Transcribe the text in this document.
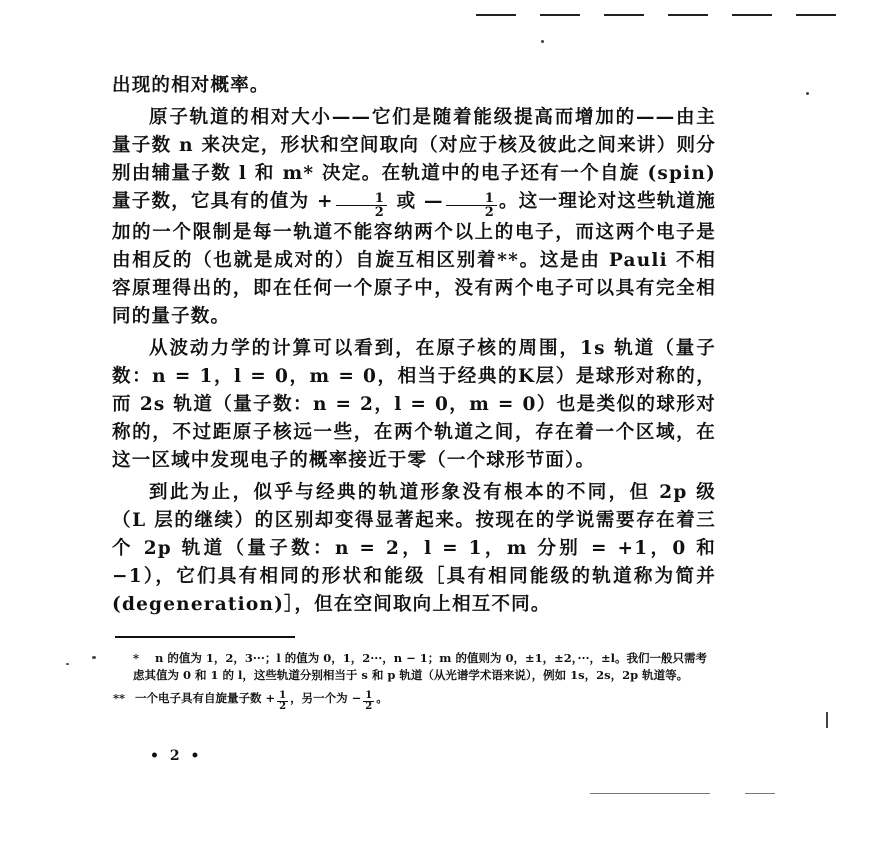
出现的相对概率。

原子轨道的相对大小——它们是随着能级提高而增加的——由主量子数 n 来决定，形状和空间取向（对应于核及彼此之间来讲）则分别由辅量子数 l 和 m* 决定。在轨道中的电子还有一个自旋 (spin) 量子数，它具有的值为 + $\frac{1}{2}$ 或 — $\frac{1}{2}$ 。这一理论对这些轨道施加的一个限制是每一轨道不能容纳两个以上的电子，而这两个电子是由相反的（也就是成对的）自旋互相区别着**。这是由 Pauli 不相容原理得出的，即在任何一个原子中，没有两个电子可以具有完全相同的量子数。

从波动力学的计算可以看到，在原子核的周围，1s 轨道（量子数：n = 1，l = 0，m = 0，相当于经典的K层）是球形对称的，而 2s 轨道（量子数：n = 2，l = 0，m = 0）也是类似的球形对称的，不过距原子核远一些，在两个轨道之间，存在着一个区域，在这一区域中发现电子的概率接近于零（一个球形节面）。

到此为止，似乎与经典的轨道形象没有根本的不同，但 2p 级（L 层的继续）的区别却变得显著起来。按现在的学说需要存在着三个 2p 轨道（量子数：n = 2，l = 1，m 分别 = +1，0 和 −1），它们具有相同的形状和能级［具有相同能级的轨道称为简并 (degeneration)］，但在空间取向上相互不同。

* n 的值为 1，2，3···；l 的值为 0，1，2···，n − 1；m 的值则为 0，±1，±2，···，±l。我们一般只需考虑其值为 0 和 1 的 l，这些轨道分别相当于 s 和 p 轨道（从光谱学术语来说），例如 1s，2s，2p 轨道等。
** 一个电子具有自旋量子数 + $\frac{1}{2}$ ，另一个为 − $\frac{1}{2}$ 。
• 2 •
